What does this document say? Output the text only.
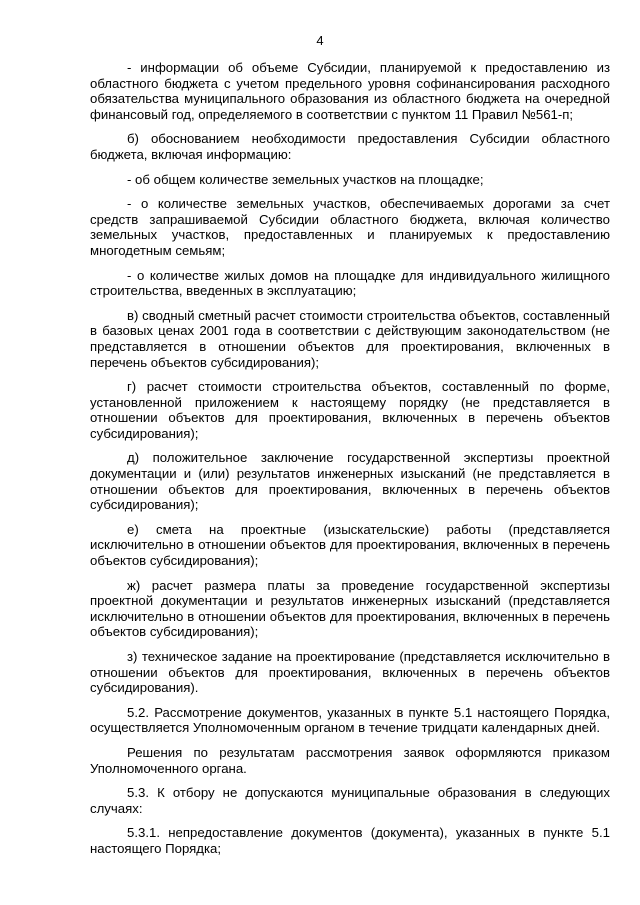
4

- информации об объеме Субсидии, планируемой к предоставлению из областного бюджета с учетом предельного уровня софинансирования расходного обязательства муниципального образования из областного бюджета на очередной финансовый год, определяемого в соответствии с пунктом 11 Правил №561-п;

б) обоснованием необходимости предоставления Субсидии областного бюджета, включая информацию:

- об общем количестве земельных участков на площадке;

- о количестве земельных участков, обеспечиваемых дорогами за счет средств запрашиваемой Субсидии областного бюджета, включая количество земельных участков, предоставленных и планируемых к предоставлению многодетным семьям;

- о количестве жилых домов на площадке для индивидуального жилищного строительства, введенных в эксплуатацию;

в) сводный сметный расчет стоимости строительства объектов, составленный в базовых ценах 2001 года в соответствии с действующим законодательством (не представляется в отношении объектов для проектирования, включенных в перечень объектов субсидирования);

г) расчет стоимости строительства объектов, составленный по форме, установленной приложением к настоящему порядку (не представляется в отношении объектов для проектирования, включенных в перечень объектов субсидирования);

д) положительное заключение государственной экспертизы проектной документации и (или) результатов инженерных изысканий (не представляется в отношении объектов для проектирования, включенных в перечень объектов субсидирования);

е) смета на проектные (изыскательские) работы (представляется исключительно в отношении объектов для проектирования, включенных в перечень объектов субсидирования);

ж) расчет размера платы за проведение государственной экспертизы проектной документации и результатов инженерных изысканий (представляется исключительно в отношении объектов для проектирования, включенных в перечень объектов субсидирования);

з) техническое задание на проектирование (представляется исключительно в отношении объектов для проектирования, включенных в перечень объектов субсидирования).

5.2. Рассмотрение документов, указанных в пункте 5.1 настоящего Порядка, осуществляется Уполномоченным органом в течение тридцати календарных дней.

Решения по результатам рассмотрения заявок оформляются приказом Уполномоченного органа.

5.3. К отбору не допускаются муниципальные образования в следующих случаях:

5.3.1. непредоставление документов (документа), указанных в пункте 5.1 настоящего Порядка;
